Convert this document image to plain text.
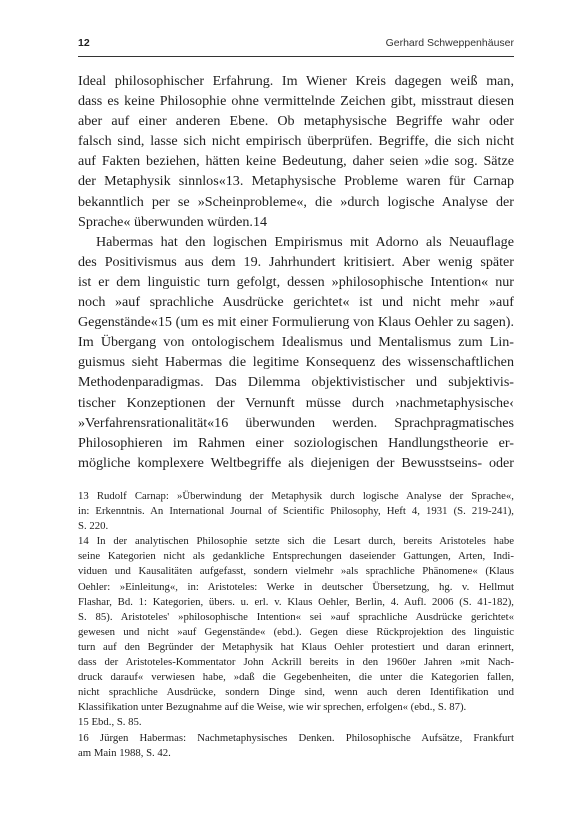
12	Gerhard Schweppenhäuser
Ideal philosophischer Erfahrung. Im Wiener Kreis dagegen weiß man,
dass es keine Philosophie ohne vermittelnde Zeichen gibt, misstraut diesen
aber auf einer anderen Ebene. Ob metaphysische Begriffe wahr oder
falsch sind, lasse sich nicht empirisch überprüfen. Begriffe, die sich nicht
auf Fakten beziehen, hätten keine Bedeutung, daher seien »die sog. Sätze
der Metaphysik sinnlos«13. Metaphysische Probleme waren für Carnap
bekanntlich per se »Scheinprobleme«, die »durch logische Analyse der
Sprache« überwunden würden.14
Habermas hat den logischen Empirismus mit Adorno als Neuauflage
des Positivismus aus dem 19. Jahrhundert kritisiert. Aber wenig später
ist er dem linguistic turn gefolgt, dessen »philosophische Intention« nur
noch »auf sprachliche Ausdrücke gerichtet« ist und nicht mehr »auf
Gegenstände«15 (um es mit einer Formulierung von Klaus Oehler zu sagen).
Im Übergang von ontologischem Idealismus und Mentalismus zum Lin-
guismus sieht Habermas die legitime Konsequenz des wissenschaftlichen
Methodenparadigmas. Das Dilemma objektivistischer und subjektivis-
tischer Konzeptionen der Vernunft müsse durch ›nachmetaphysische‹
»Verfahrensrationalität«16 überwunden werden. Sprachpragmatisches
Philosophieren im Rahmen einer soziologischen Handlungstheorie er-
mögliche komplexere Weltbegriffe als diejenigen der Bewusstseins- oder
13 Rudolf Carnap: »Überwindung der Metaphysik durch logische Analyse der Sprache«,
in: Erkenntnis. An International Journal of Scientific Philosophy, Heft 4, 1931 (S. 219-241),
S. 220.
14 In der analytischen Philosophie setzte sich die Lesart durch, bereits Aristoteles habe
seine Kategorien nicht als gedankliche Entsprechungen daseiender Gattungen, Arten, Indi-
viduen und Kausalitäten aufgefasst, sondern vielmehr »als sprachliche Phänomene« (Klaus
Oehler: »Einleitung«, in: Aristoteles: Werke in deutscher Übersetzung, hg. v. Hellmut
Flashar, Bd. 1: Kategorien, übers. u. erl. v. Klaus Oehler, Berlin, 4. Aufl. 2006 (S. 41-182),
S. 85). Aristoteles' »philosophische Intention« sei »auf sprachliche Ausdrücke gerichtet«
gewesen und nicht »auf Gegenstände« (ebd.). Gegen diese Rückprojektion des linguistic
turn auf den Begründer der Metaphysik hat Klaus Oehler protestiert und daran erinnert,
dass der Aristoteles-Kommentator John Ackrill bereits in den 1960er Jahren »mit Nach-
druck darauf« verwiesen habe, »daß die Gegebenheiten, die unter die Kategorien fallen,
nicht sprachliche Ausdrücke, sondern Dinge sind, wenn auch deren Identifikation und
Klassifikation unter Bezugnahme auf die Weise, wie wir sprechen, erfolgen« (ebd., S. 87).
15 Ebd., S. 85.
16 Jürgen Habermas: Nachmetaphysisches Denken. Philosophische Aufsätze, Frankfurt
am Main 1988, S. 42.
